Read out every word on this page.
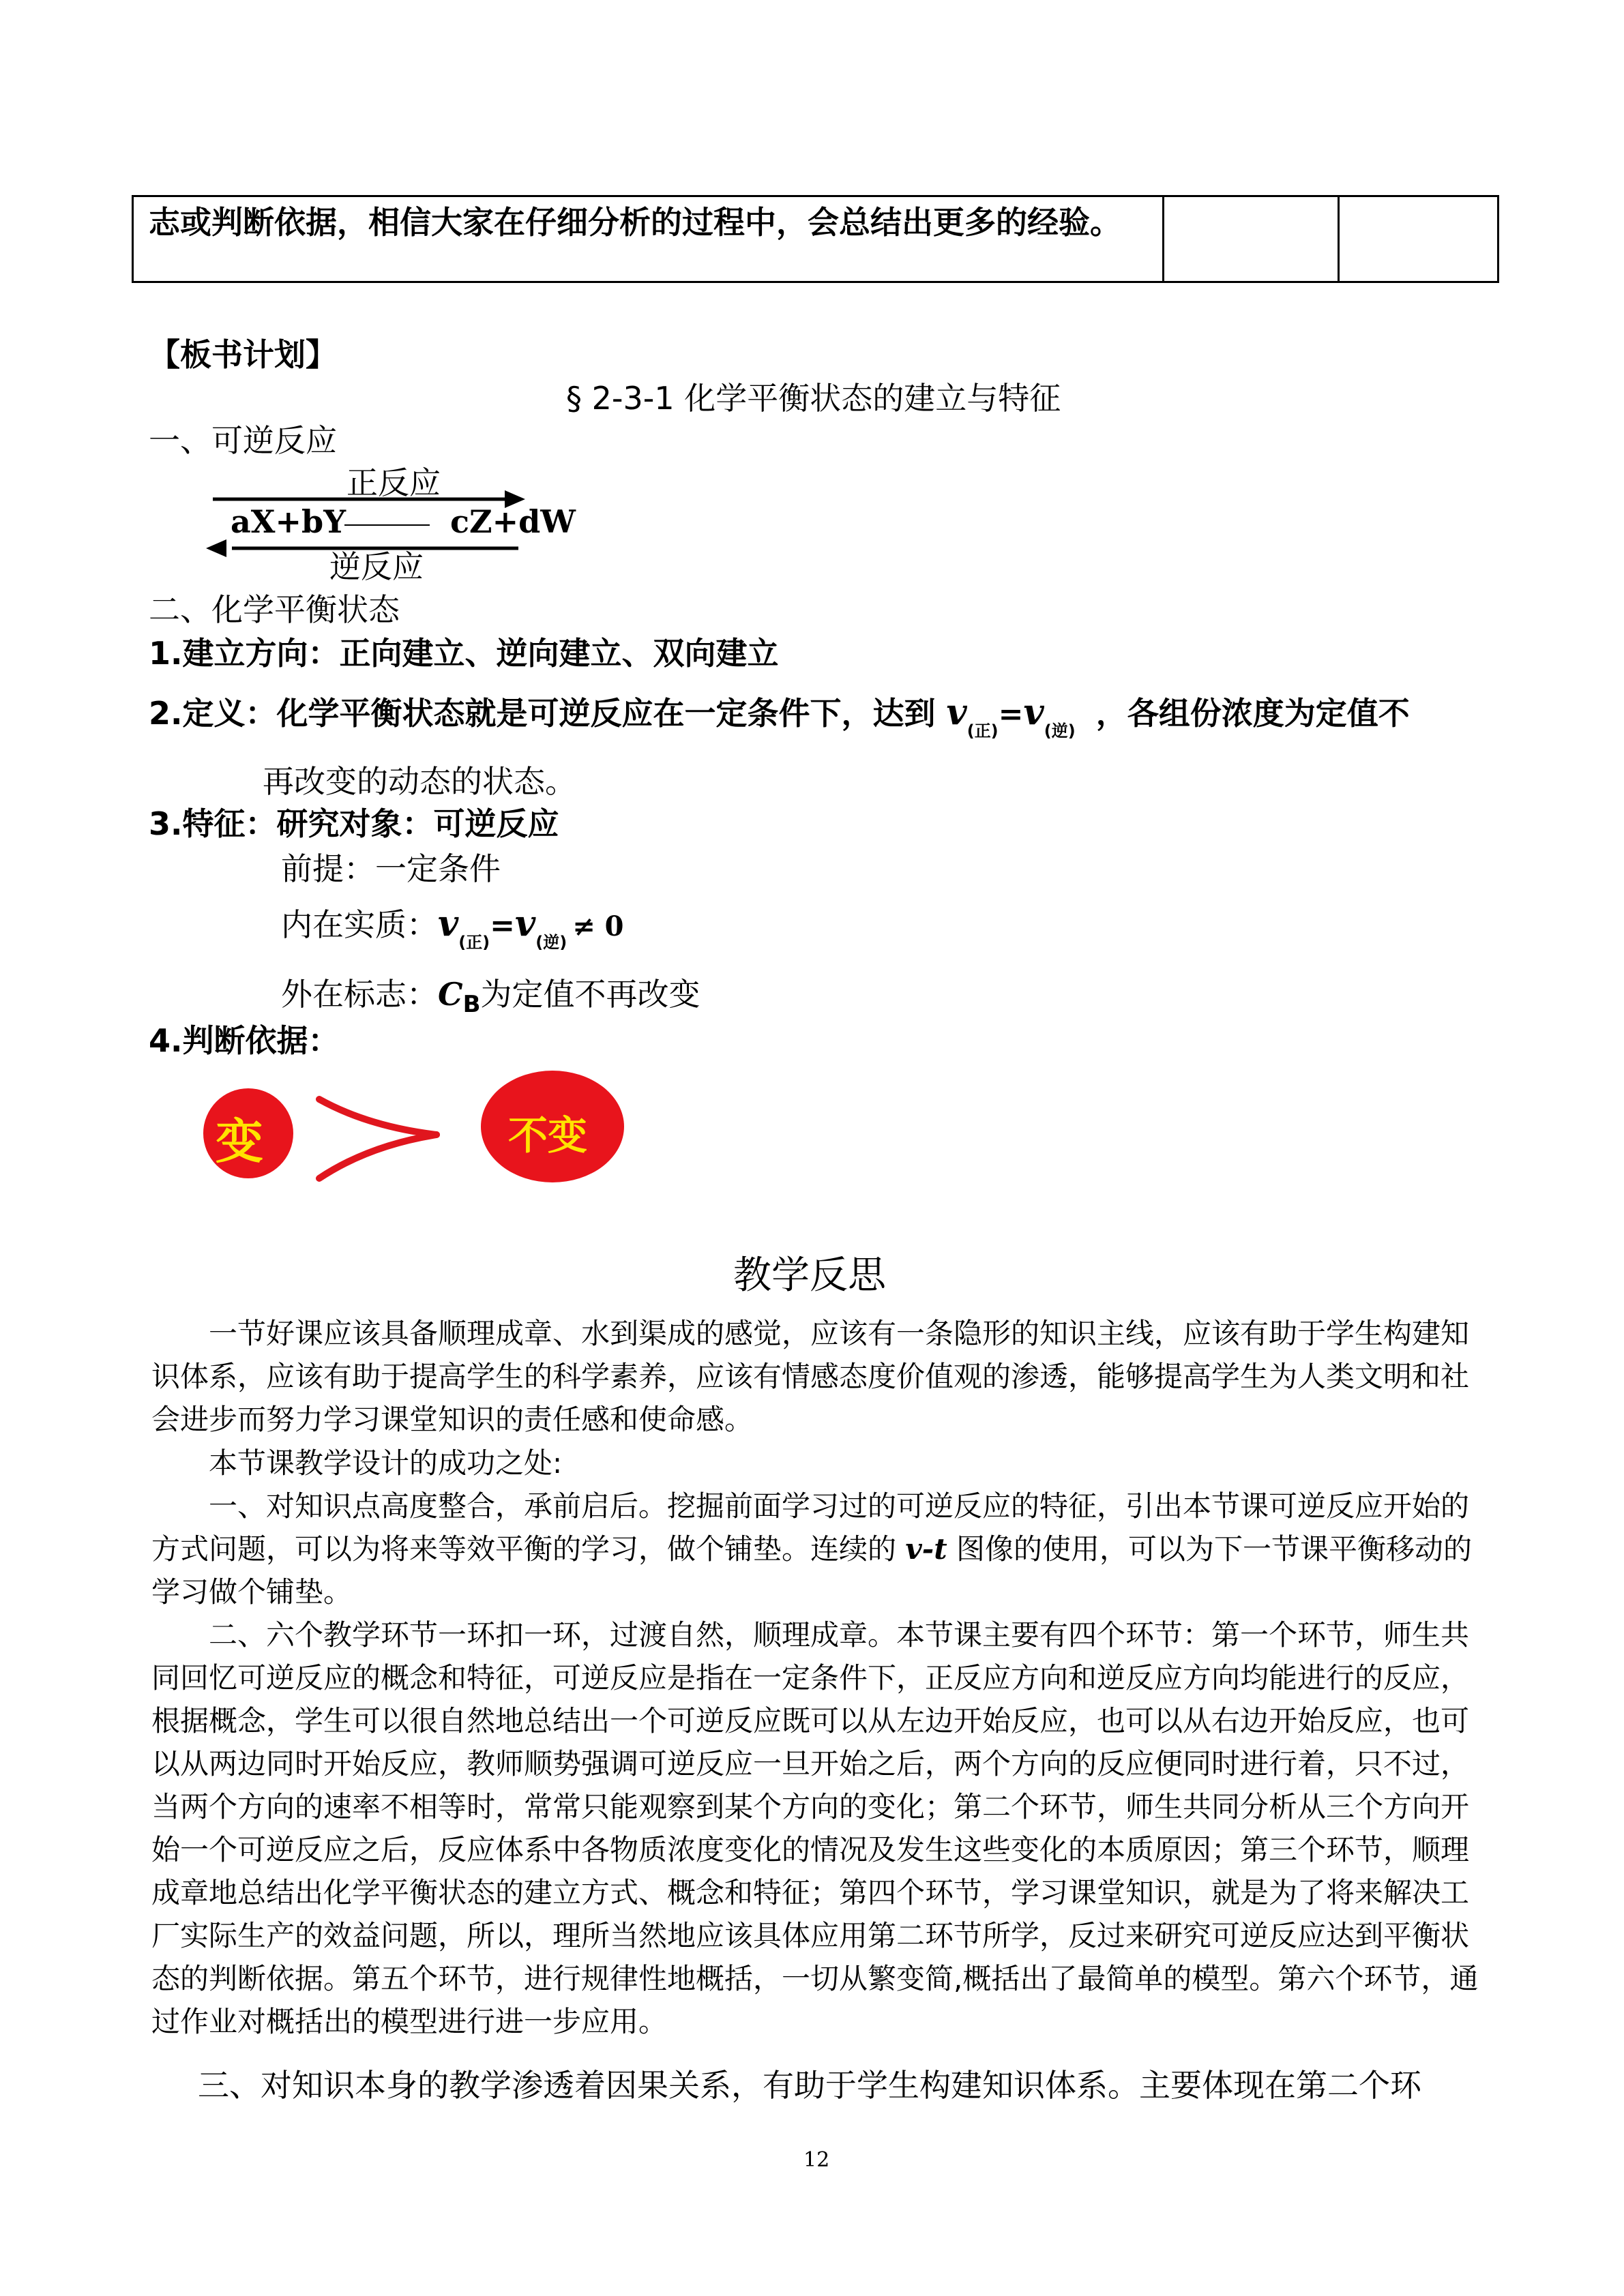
志或判断依据，相信大家在仔细分析的过程中，会总结出更多的经验。
【板书计划】
§ 2-3-1 化学平衡状态的建立与特征
一、可逆反应
正反应
aX+bY	cZ+dW
逆反应
二、化学平衡状态
1.建立方向：正向建立、逆向建立、双向建立
2.定义：化学平衡状态就是可逆反应在一定条件下，达到 $v_{(正)}=v_{(逆)}$ ，各组份浓度为定值不
再改变的动态的状态。
3.特征：研究对象：可逆反应
前提：一定条件
内在实质：$v_{(正)}=v_{(逆)} \ne 0$
外在标志：$C_B$为定值不再改变
4.判断依据：
变	不变
教学反思
一节好课应该具备顺理成章、水到渠成的感觉，应该有一条隐形的知识主线，应该有助于学生构建知识体系，应该有助于提高学生的科学素养，应该有情感态度价值观的渗透，能够提高学生为人类文明和社会进步而努力学习课堂知识的责任感和使命感。
本节课教学设计的成功之处:
一、对知识点高度整合，承前启后。挖掘前面学习过的可逆反应的特征，引出本节课可逆反应开始的方式问题，可以为将来等效平衡的学习，做个铺垫。连续的 v-t 图像的使用，可以为下一节课平衡移动的学习做个铺垫。
二、六个教学环节一环扣一环，过渡自然，顺理成章。本节课主要有四个环节：第一个环节，师生共同回忆可逆反应的概念和特征，可逆反应是指在一定条件下，正反应方向和逆反应方向均能进行的反应，根据概念，学生可以很自然地总结出一个可逆反应既可以从左边开始反应，也可以从右边开始反应，也可以从两边同时开始反应，教师顺势强调可逆反应一旦开始之后，两个方向的反应便同时进行着，只不过，当两个方向的速率不相等时，常常只能观察到某个方向的变化；第二个环节，师生共同分析从三个方向开始一个可逆反应之后，反应体系中各物质浓度变化的情况及发生这些变化的本质原因；第三个环节，顺理成章地总结出化学平衡状态的建立方式、概念和特征；第四个环节，学习课堂知识，就是为了将来解决工厂实际生产的效益问题，所以，理所当然地应该具体应用第二环节所学，反过来研究可逆反应达到平衡状态的判断依据。第五个环节，进行规律性地概括，一切从繁变简,概括出了最简单的模型。第六个环节，通过作业对概括出的模型进行进一步应用。
三、对知识本身的教学渗透着因果关系，有助于学生构建知识体系。主要体现在第二个环
12
